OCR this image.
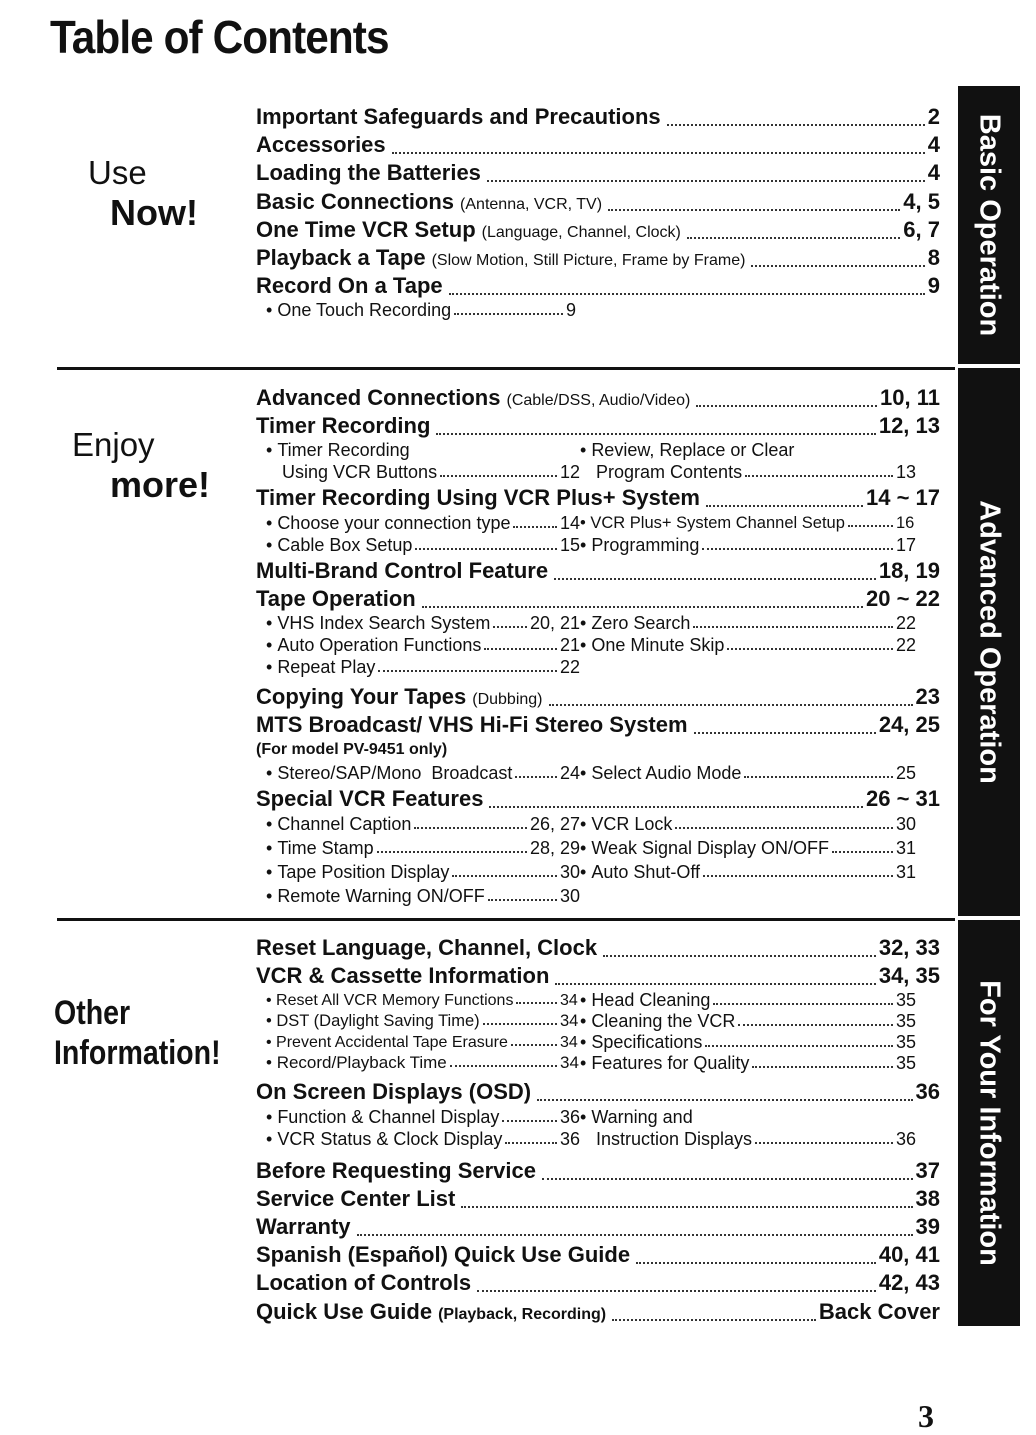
Table of Contents
Use
Now!
Enjoy
more!
Other
Information!
Basic Operation
Advanced Operation
For Your Information
Important Safeguards and Precautions	2
Accessories	4
Loading the Batteries	4
Basic Connections (Antenna, VCR, TV)	4, 5
One Time VCR Setup (Language, Channel, Clock)	6, 7
Playback a Tape (Slow Motion, Still Picture, Frame by Frame)	8
Record On a Tape	9
• One Touch Recording	9
Advanced Connections (Cable/DSS, Audio/Video)	10, 11
Timer Recording	12, 13
• Timer Recording
Using VCR Buttons	12
• Review, Replace or Clear
Program Contents	13
Timer Recording Using VCR Plus+ System	14 ~ 17
• Choose your connection type	14
• Cable Box Setup	15
• VCR Plus+ System Channel Setup	16
• Programming	17
Multi-Brand Control Feature	18, 19
Tape Operation	20 ~ 22
• VHS Index Search System 20, 21
• Auto Operation Functions	21
• Repeat Play	22
• Zero Search	22
• One Minute Skip	22
Copying Your Tapes (Dubbing)	23
MTS Broadcast/ VHS Hi-Fi Stereo System	24, 25
(For model PV-9451 only)
• Stereo/SAP/Mono  Broadcast	24 • Select Audio Mode	25
Special VCR Features	26 ~ 31
• Channel Caption	26, 27
• Time Stamp	28, 29
• Tape Position Display	30
• Remote Warning ON/OFF	30
• VCR Lock	30
• Weak Signal Display ON/OFF	31
• Auto Shut-Off	31
Reset Language, Channel, Clock	32, 33
VCR & Cassette Information	34, 35
• Reset All VCR Memory Functions	34
• DST (Daylight Saving Time)	34
• Prevent Accidental Tape Erasure	34
• Record/Playback Time	34
• Head Cleaning	35
• Cleaning the VCR	35
• Specifications	35
• Features for Quality	35
On Screen Displays (OSD)	36
• Function & Channel Display	36
• VCR Status & Clock Display	36
• Warning and
Instruction Displays	36
Before Requesting Service	37
Service Center List	38
Warranty	39
Spanish (Español) Quick Use Guide	40, 41
Location of Controls	42, 43
Quick Use Guide (Playback, Recording)	Back Cover
3
